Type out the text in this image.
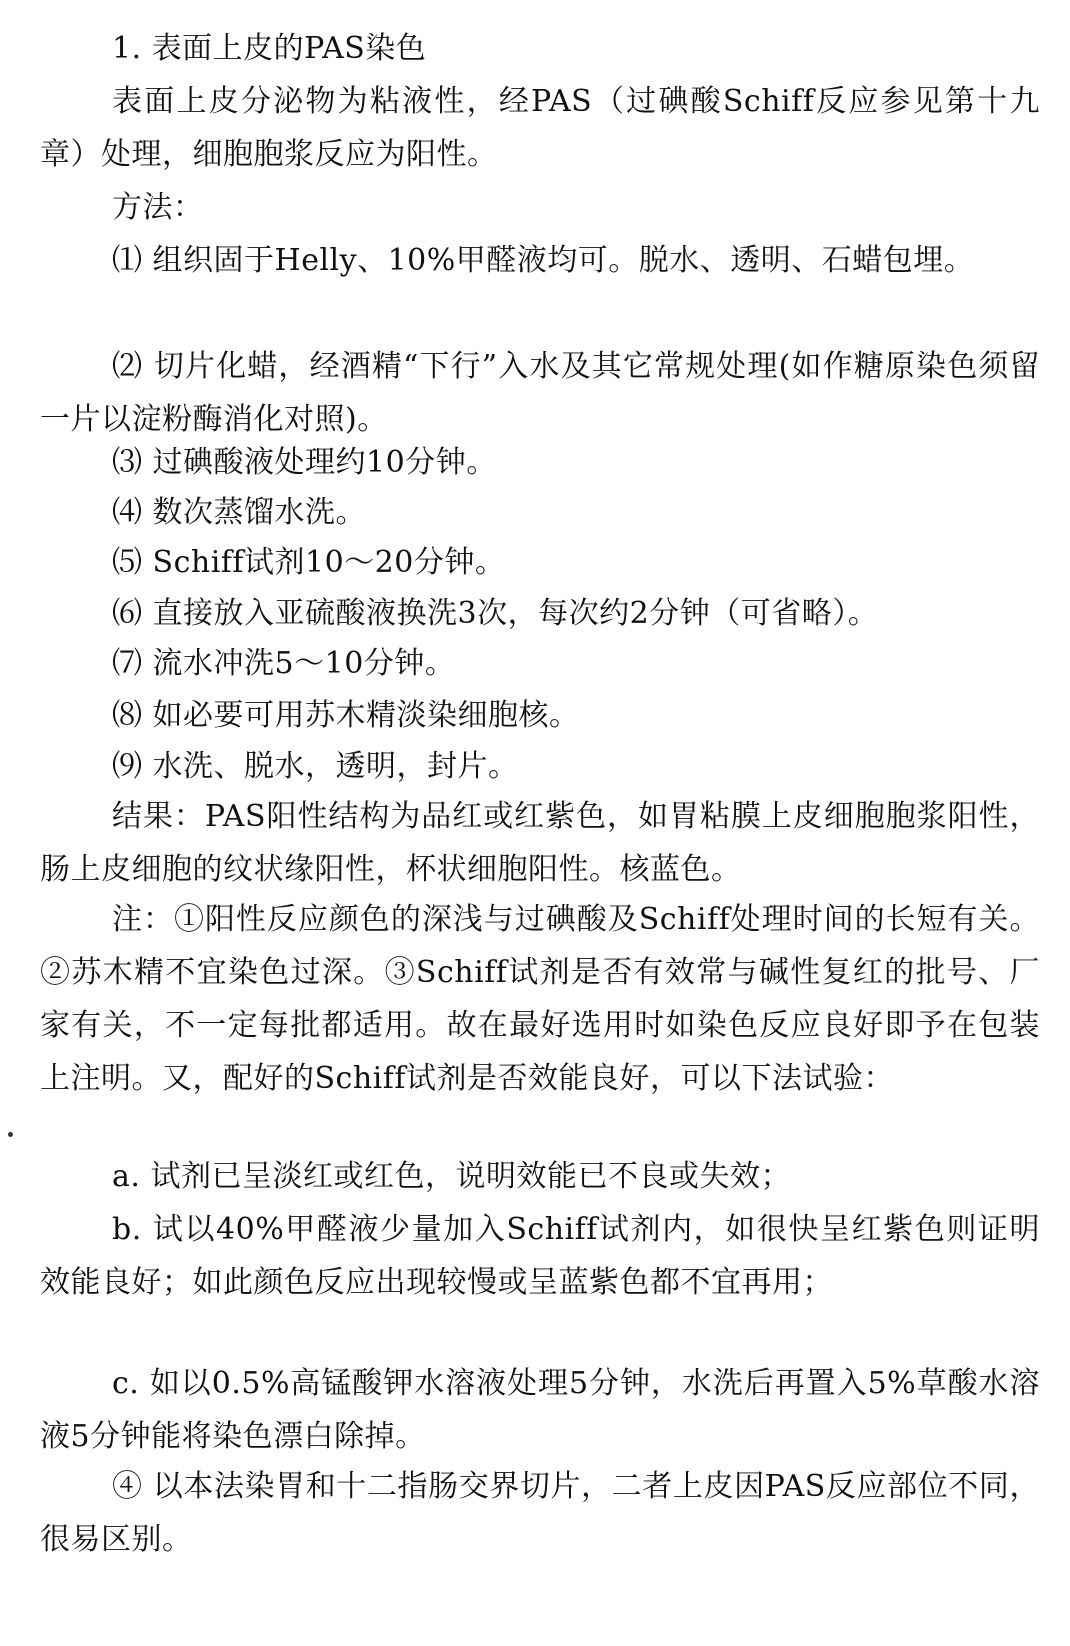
1. 表面上皮的PAS染色

表面上皮分泌物为粘液性，经PAS（过碘酸Schiff反应参见第十九章）处理，细胞胞浆反应为阳性。

方法：

⑴ 组织固于Helly、10%甲醛液均可。脱水、透明、石蜡包埋。

⑵ 切片化蜡，经酒精“下行”入水及其它常规处理(如作糖原染色须留一片以淀粉酶消化对照)。

⑶ 过碘酸液处理约10分钟。

⑷ 数次蒸馏水洗。

⑸ Schiff试剂10～20分钟。

⑹ 直接放入亚硫酸液换洗3次，每次约2分钟（可省略）。

⑺ 流水冲洗5～10分钟。

⑻ 如必要可用苏木精淡染细胞核。

⑼ 水洗、脱水，透明，封片。

结果：PAS阳性结构为品红或红紫色，如胃粘膜上皮细胞胞浆阳性，肠上皮细胞的纹状缘阳性，杯状细胞阳性。核蓝色。

注：①阳性反应颜色的深浅与过碘酸及Schiff处理时间的长短有关。②苏木精不宜染色过深。③Schiff试剂是否有效常与碱性复红的批号、厂家有关，不一定每批都适用。故在最好选用时如染色反应良好即予在包装上注明。又，配好的Schiff试剂是否效能良好，可以下法试验：

a. 试剂已呈淡红或红色，说明效能已不良或失效；

b. 试以40%甲醛液少量加入Schiff试剂内，如很快呈红紫色则证明效能良好；如此颜色反应出现较慢或呈蓝紫色都不宜再用；

c. 如以0.5%高锰酸钾水溶液处理5分钟，水洗后再置入5%草酸水溶液5分钟能将染色漂白除掉。

④ 以本法染胃和十二指肠交界切片，二者上皮因PAS反应部位不同，很易区别。
